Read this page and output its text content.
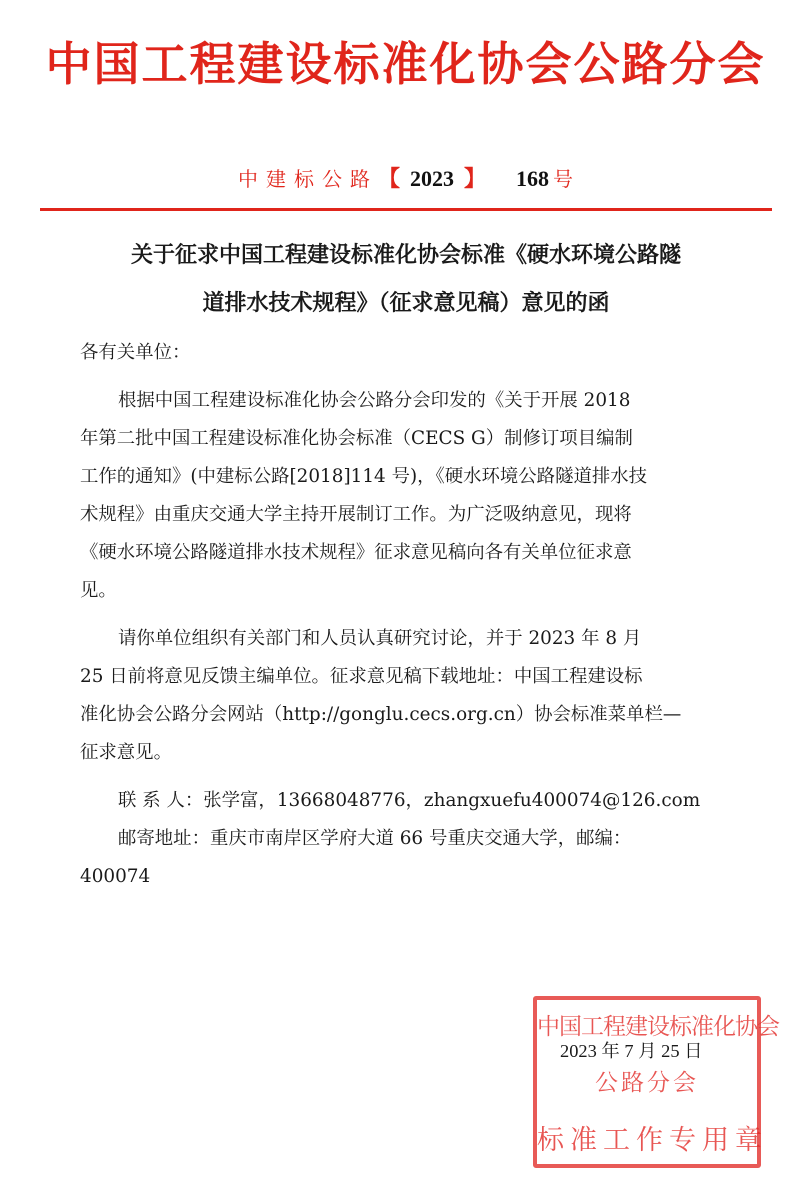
中国工程建设标准化协会公路分会
中建标公路【 2023 】 168 号
关于征求中国工程建设标准化协会标准《硬水环境公路隧
道排水技术规程》（征求意见稿）意见的函
各有关单位：
根据中国工程建设标准化协会公路分会印发的《关于开展 2018
年第二批中国工程建设标准化协会标准（CECS G）制修订项目编制
工作的通知》(中建标公路[2018]114 号)，《硬水环境公路隧道排水技
术规程》由重庆交通大学主持开展制订工作。为广泛吸纳意见，现将
《硬水环境公路隧道排水技术规程》征求意见稿向各有关单位征求意
见。
请你单位组织有关部门和人员认真研究讨论，并于 2023 年 8 月
25 日前将意见反馈主编单位。征求意见稿下载地址：中国工程建设标
准化协会公路分会网站（http://gonglu.cecs.org.cn）协会标准菜单栏—
征求意见。
联 系 人：张学富，13668048776，zhangxuefu400074@126.com
邮寄地址：重庆市南岸区学府大道 66 号重庆交通大学，邮编：
400074
中国工程建设标准化协会
公路分会
标准工作专用章
2023 年 7 月 25 日
